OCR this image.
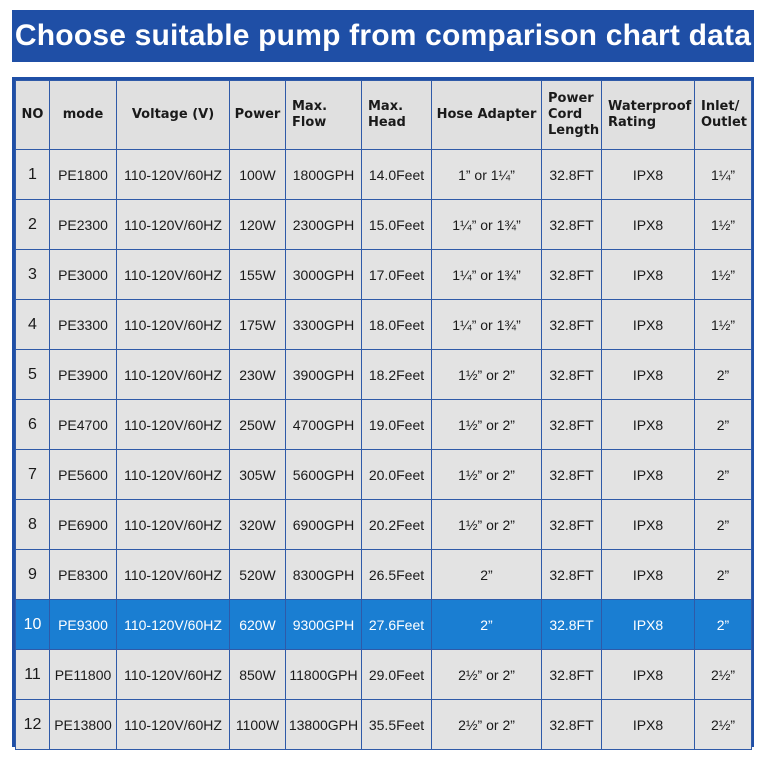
Choose suitable pump from comparison chart data
NO	mode	Voltage (V)	Power	Max. Flow	Max. Head	Hose Adapter	Power Cord Length	Waterproof Rating	Inlet/ Outlet
1	PE1800	110-120V/60HZ	100W	1800GPH	14.0Feet	1” or 1¼”	32.8FT	IPX8	1¼”
2	PE2300	110-120V/60HZ	120W	2300GPH	15.0Feet	1¼” or 1¾”	32.8FT	IPX8	1½”
3	PE3000	110-120V/60HZ	155W	3000GPH	17.0Feet	1¼” or 1¾”	32.8FT	IPX8	1½”
4	PE3300	110-120V/60HZ	175W	3300GPH	18.0Feet	1¼” or 1¾”	32.8FT	IPX8	1½”
5	PE3900	110-120V/60HZ	230W	3900GPH	18.2Feet	1½” or 2”	32.8FT	IPX8	2”
6	PE4700	110-120V/60HZ	250W	4700GPH	19.0Feet	1½” or 2”	32.8FT	IPX8	2”
7	PE5600	110-120V/60HZ	305W	5600GPH	20.0Feet	1½” or 2”	32.8FT	IPX8	2”
8	PE6900	110-120V/60HZ	320W	6900GPH	20.2Feet	1½” or 2”	32.8FT	IPX8	2”
9	PE8300	110-120V/60HZ	520W	8300GPH	26.5Feet	2”	32.8FT	IPX8	2”
10	PE9300	110-120V/60HZ	620W	9300GPH	27.6Feet	2”	32.8FT	IPX8	2”
11	PE11800	110-120V/60HZ	850W	11800GPH	29.0Feet	2½” or 2”	32.8FT	IPX8	2½”
12	PE13800	110-120V/60HZ	1100W	13800GPH	35.5Feet	2½” or 2”	32.8FT	IPX8	2½”
